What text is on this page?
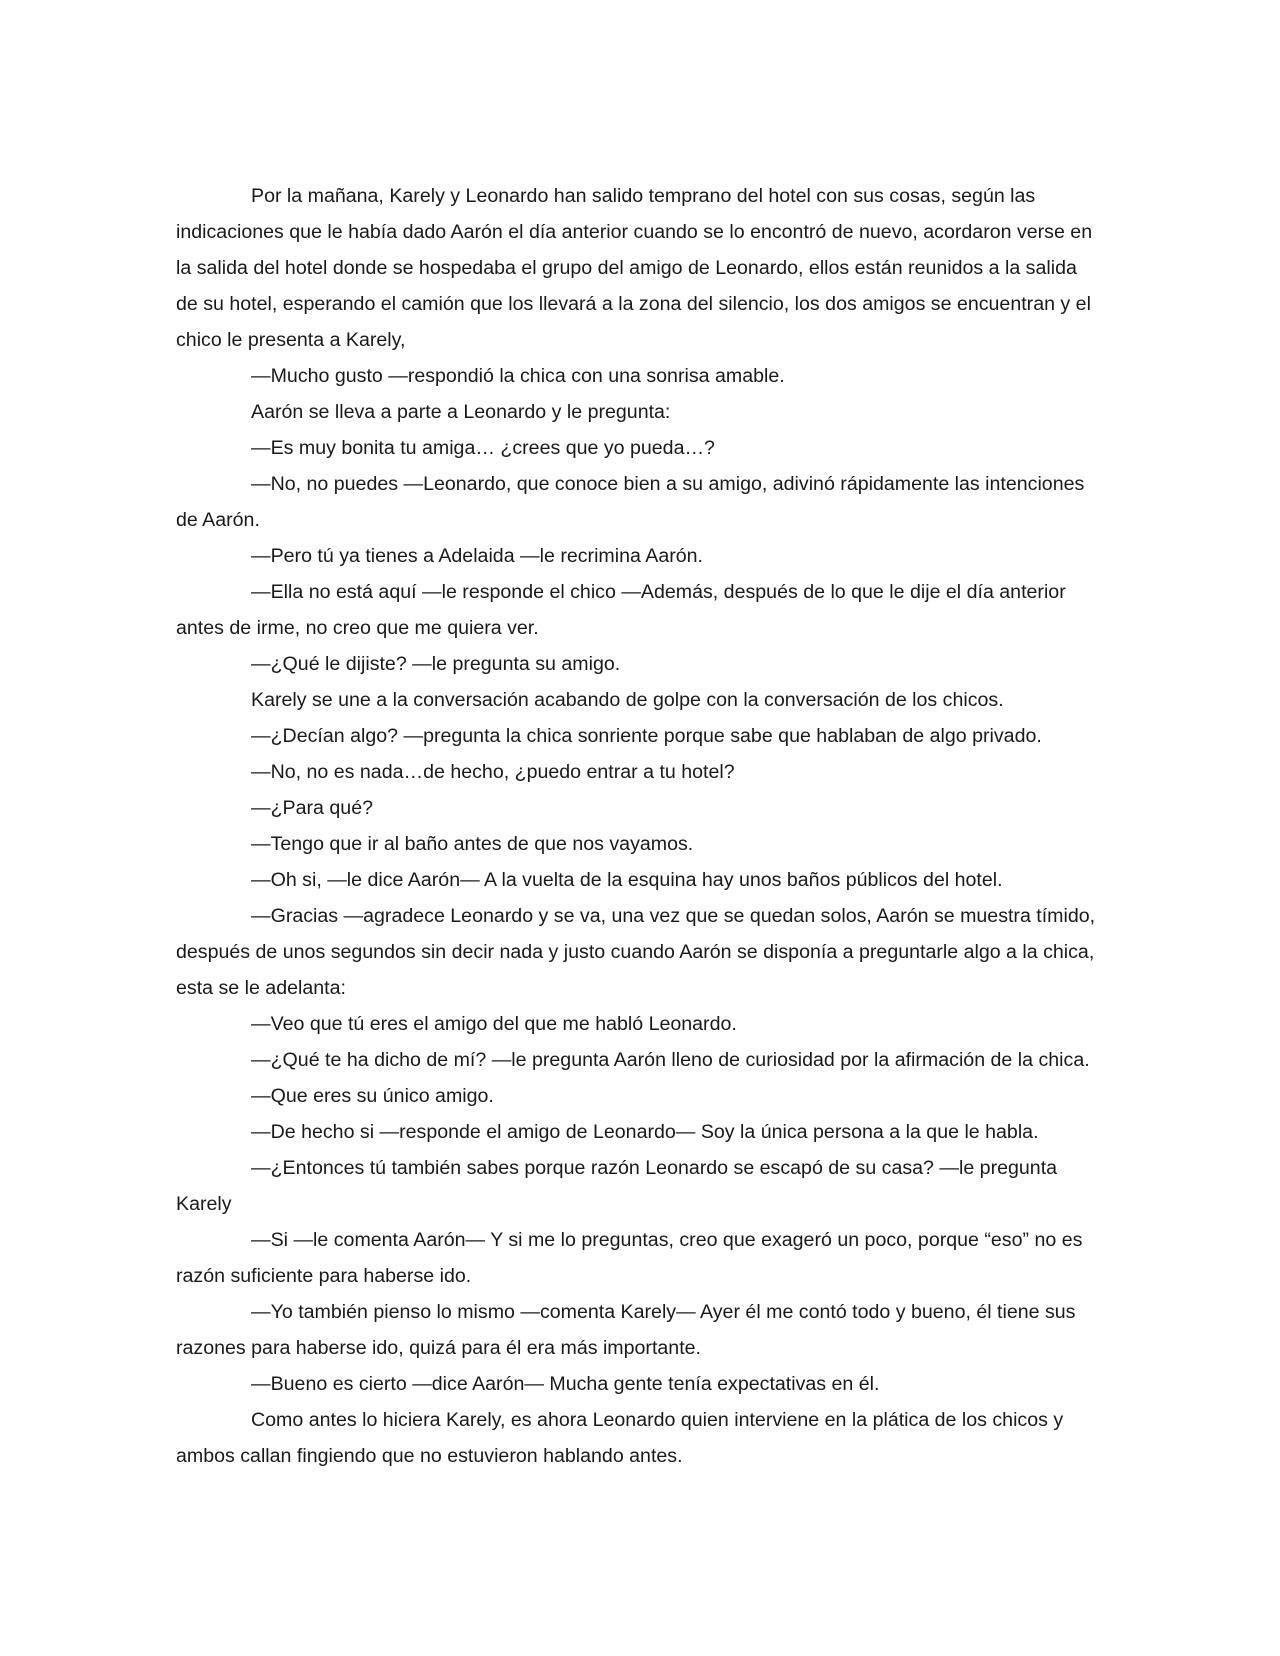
Por la mañana, Karely y Leonardo han salido temprano del hotel con sus cosas, según las indicaciones que le había dado Aarón el día anterior cuando se lo encontró de nuevo, acordaron verse en la salida del hotel donde se hospedaba el grupo del amigo de Leonardo, ellos están reunidos a la salida de su hotel, esperando el camión que los llevará a la zona del silencio, los dos amigos se encuentran y el chico le presenta a Karely,

—Mucho gusto —respondió la chica con una sonrisa amable.

Aarón se lleva a parte a Leonardo y le pregunta:

—Es muy bonita tu amiga… ¿crees que yo pueda…?

—No, no puedes —Leonardo, que conoce bien a su amigo, adivinó rápidamente las intenciones de Aarón.

—Pero tú ya tienes a Adelaida —le recrimina Aarón.

—Ella no está aquí —le responde el chico —Además, después de lo que le dije el día anterior antes de irme, no creo que me quiera ver.

—¿Qué le dijiste? —le pregunta su amigo.

Karely se une a la conversación acabando de golpe con la conversación de los chicos.

—¿Decían algo? —pregunta la chica sonriente porque sabe que hablaban de algo privado.

—No, no es nada…de hecho, ¿puedo entrar a tu hotel?

—¿Para qué?

—Tengo que ir al baño antes de que nos vayamos.

—Oh si, —le dice Aarón— A la vuelta de la esquina hay unos baños públicos del hotel.

—Gracias —agradece Leonardo y se va, una vez que se quedan solos, Aarón se muestra tímido, después de unos segundos sin decir nada y justo cuando Aarón se disponía a preguntarle algo a la chica, esta se le adelanta:

—Veo que tú eres el amigo del que me habló Leonardo.

—¿Qué te ha dicho de mí? —le pregunta Aarón lleno de curiosidad por la afirmación de la chica.

—Que eres su único amigo.

—De hecho si —responde el amigo de Leonardo— Soy la única persona a la que le habla.

—¿Entonces tú también sabes porque razón Leonardo se escapó de su casa? —le pregunta Karely

—Si —le comenta Aarón— Y si me lo preguntas, creo que exageró un poco, porque “eso” no es razón suficiente para haberse ido.

—Yo también pienso lo mismo —comenta Karely— Ayer él me contó todo y bueno, él tiene sus razones para haberse ido, quizá para él era más importante.

—Bueno es cierto —dice Aarón— Mucha gente tenía expectativas en él.

Como antes lo hiciera Karely, es ahora Leonardo quien interviene en la plática de los chicos y ambos callan fingiendo que no estuvieron hablando antes.
